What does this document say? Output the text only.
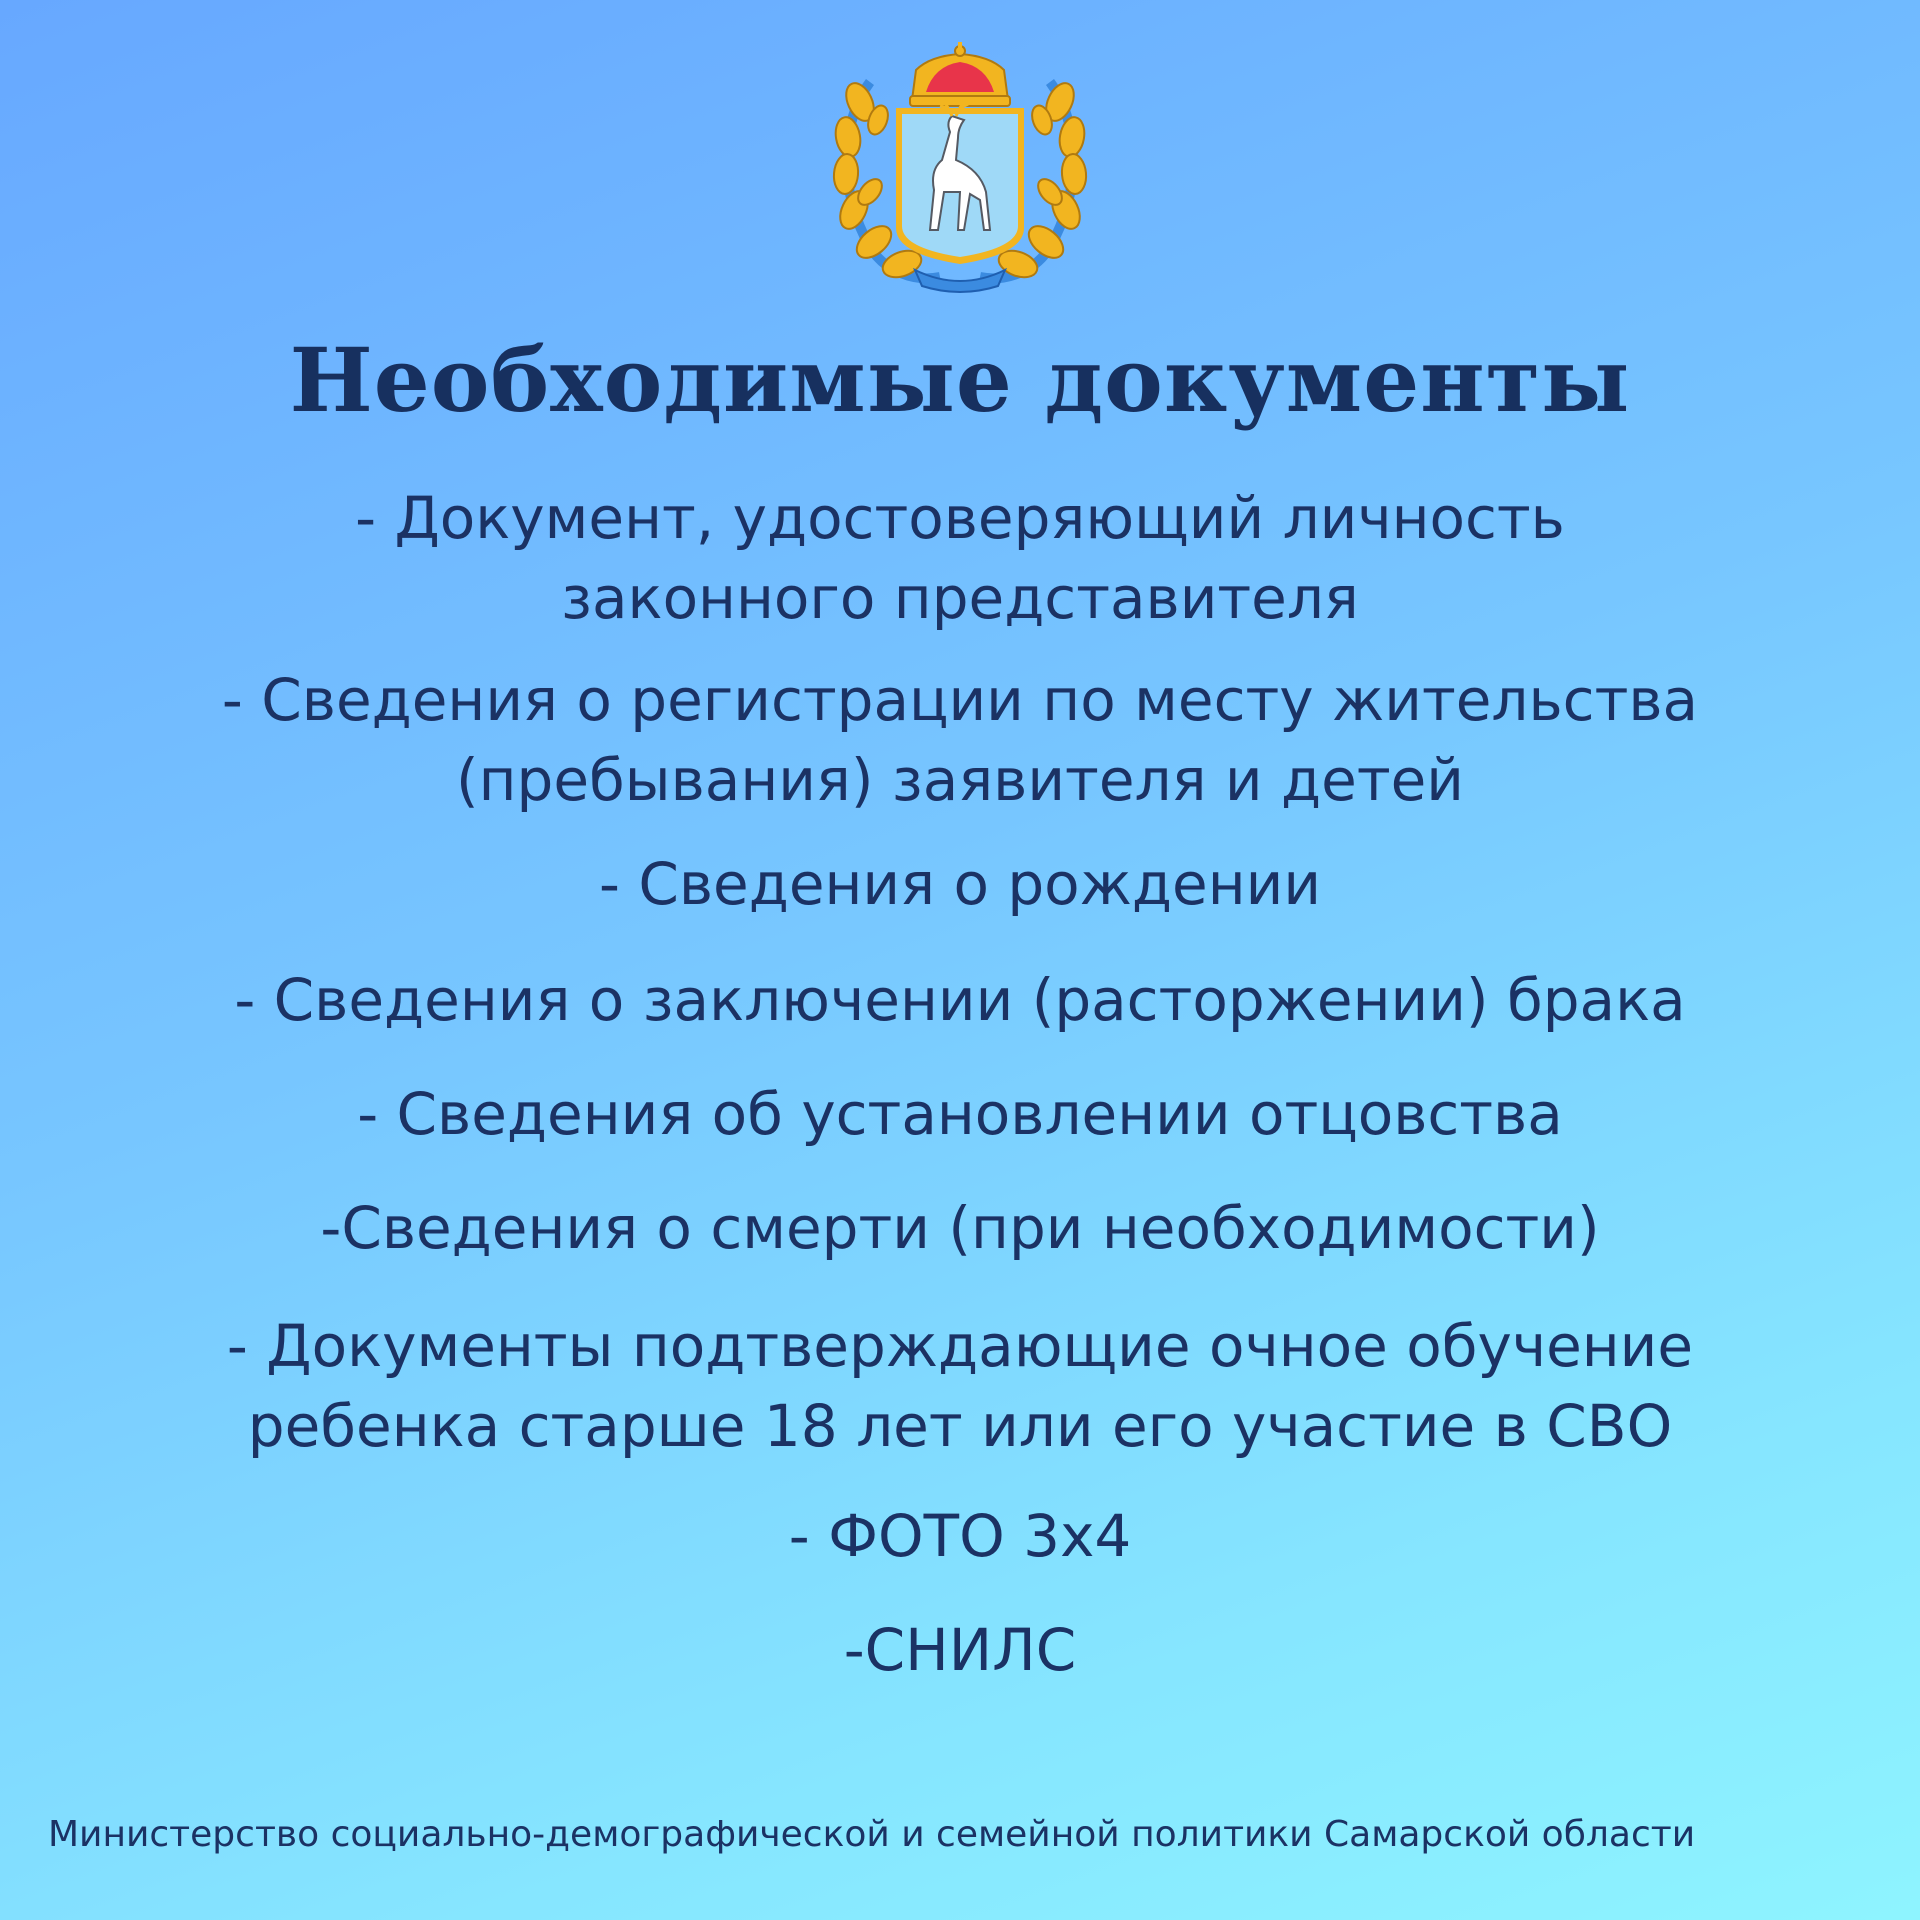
Необходимые документы
- Документ, удостоверяющий личность
законного представителя
- Сведения о регистрации по месту жительства
(пребывания) заявителя и детей
- Сведения о рождении
- Сведения о заключении (расторжении) брака
- Сведения об установлении отцовства
-Сведения о смерти (при необходимости)
- Документы подтверждающие очное обучение
ребенка старше 18 лет или его участие в СВО
- ФОТО 3х4
-СНИЛС
Министерство социально-демографической и семейной политики Самарской области
